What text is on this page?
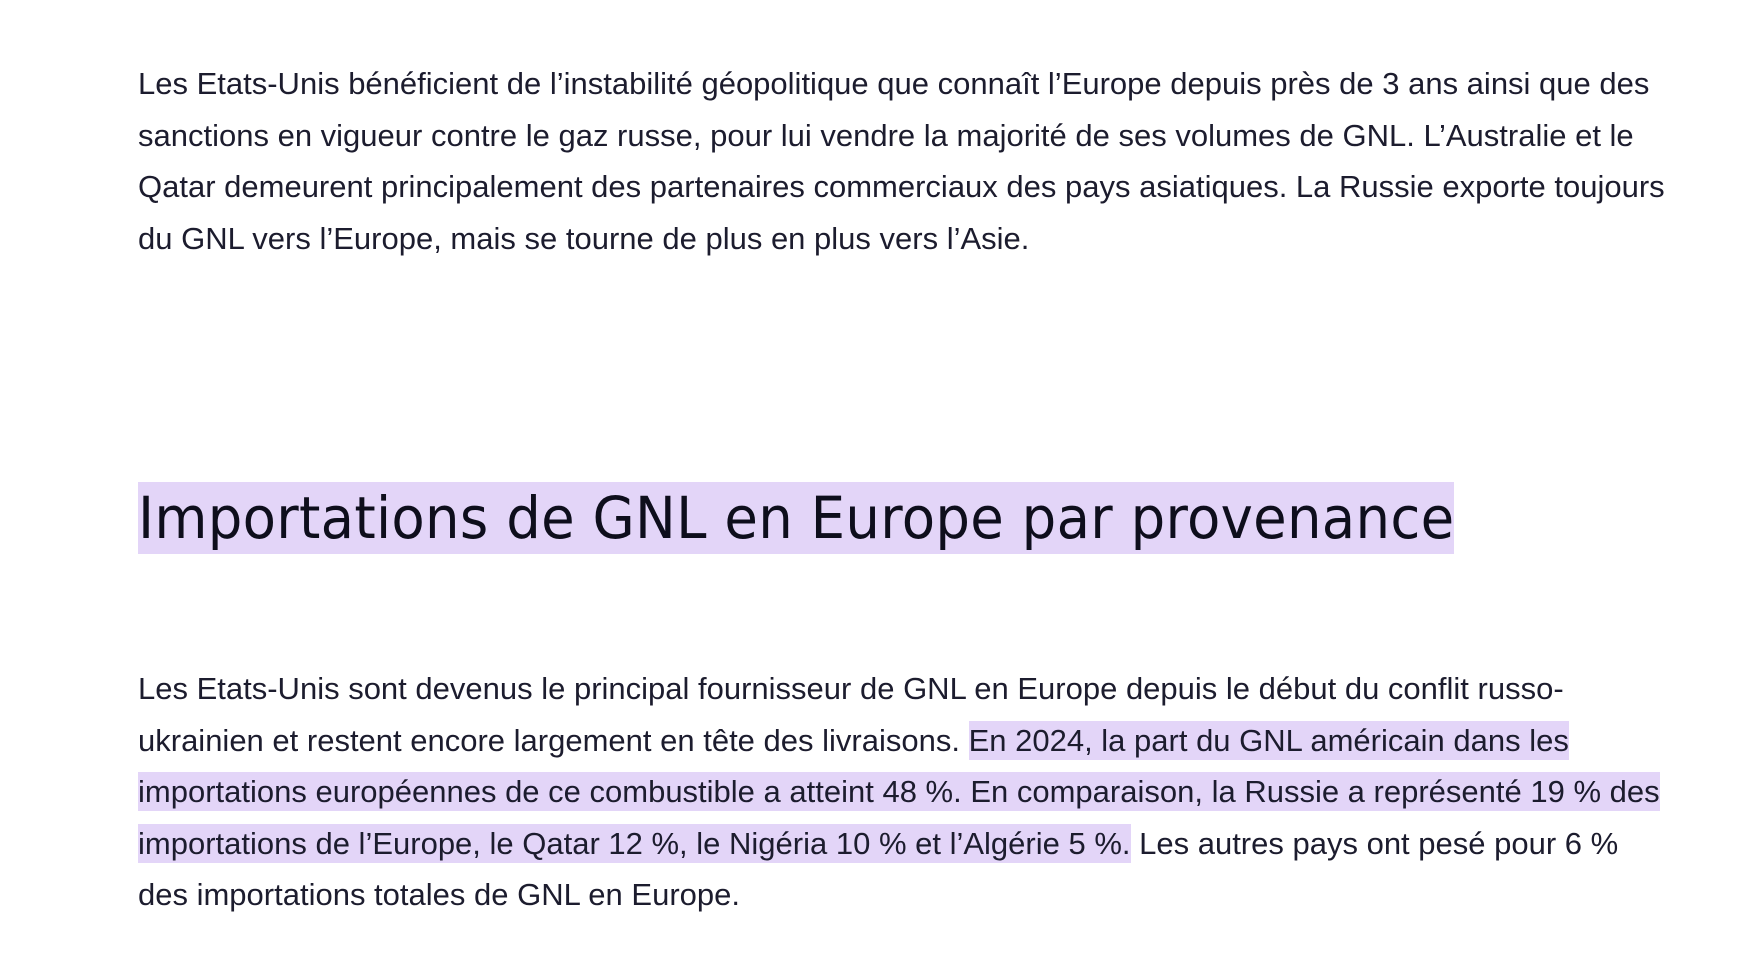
Les Etats-Unis bénéficient de l’instabilité géopolitique que connaît l’Europe depuis près de 3 ans ainsi que des sanctions en vigueur contre le gaz russe, pour lui vendre la majorité de ses volumes de GNL. L’Australie et le Qatar demeurent principalement des partenaires commerciaux des pays asiatiques. La Russie exporte toujours du GNL vers l’Europe, mais se tourne de plus en plus vers l’Asie.

Importations de GNL en Europe par provenance

Les Etats-Unis sont devenus le principal fournisseur de GNL en Europe depuis le début du conflit russo-ukrainien et restent encore largement en tête des livraisons. En 2024, la part du GNL américain dans les importations européennes de ce combustible a atteint 48 %. En comparaison, la Russie a représenté 19 % des importations de l’Europe, le Qatar 12 %, le Nigéria 10 % et l’Algérie 5 %. Les autres pays ont pesé pour 6 % des importations totales de GNL en Europe.
